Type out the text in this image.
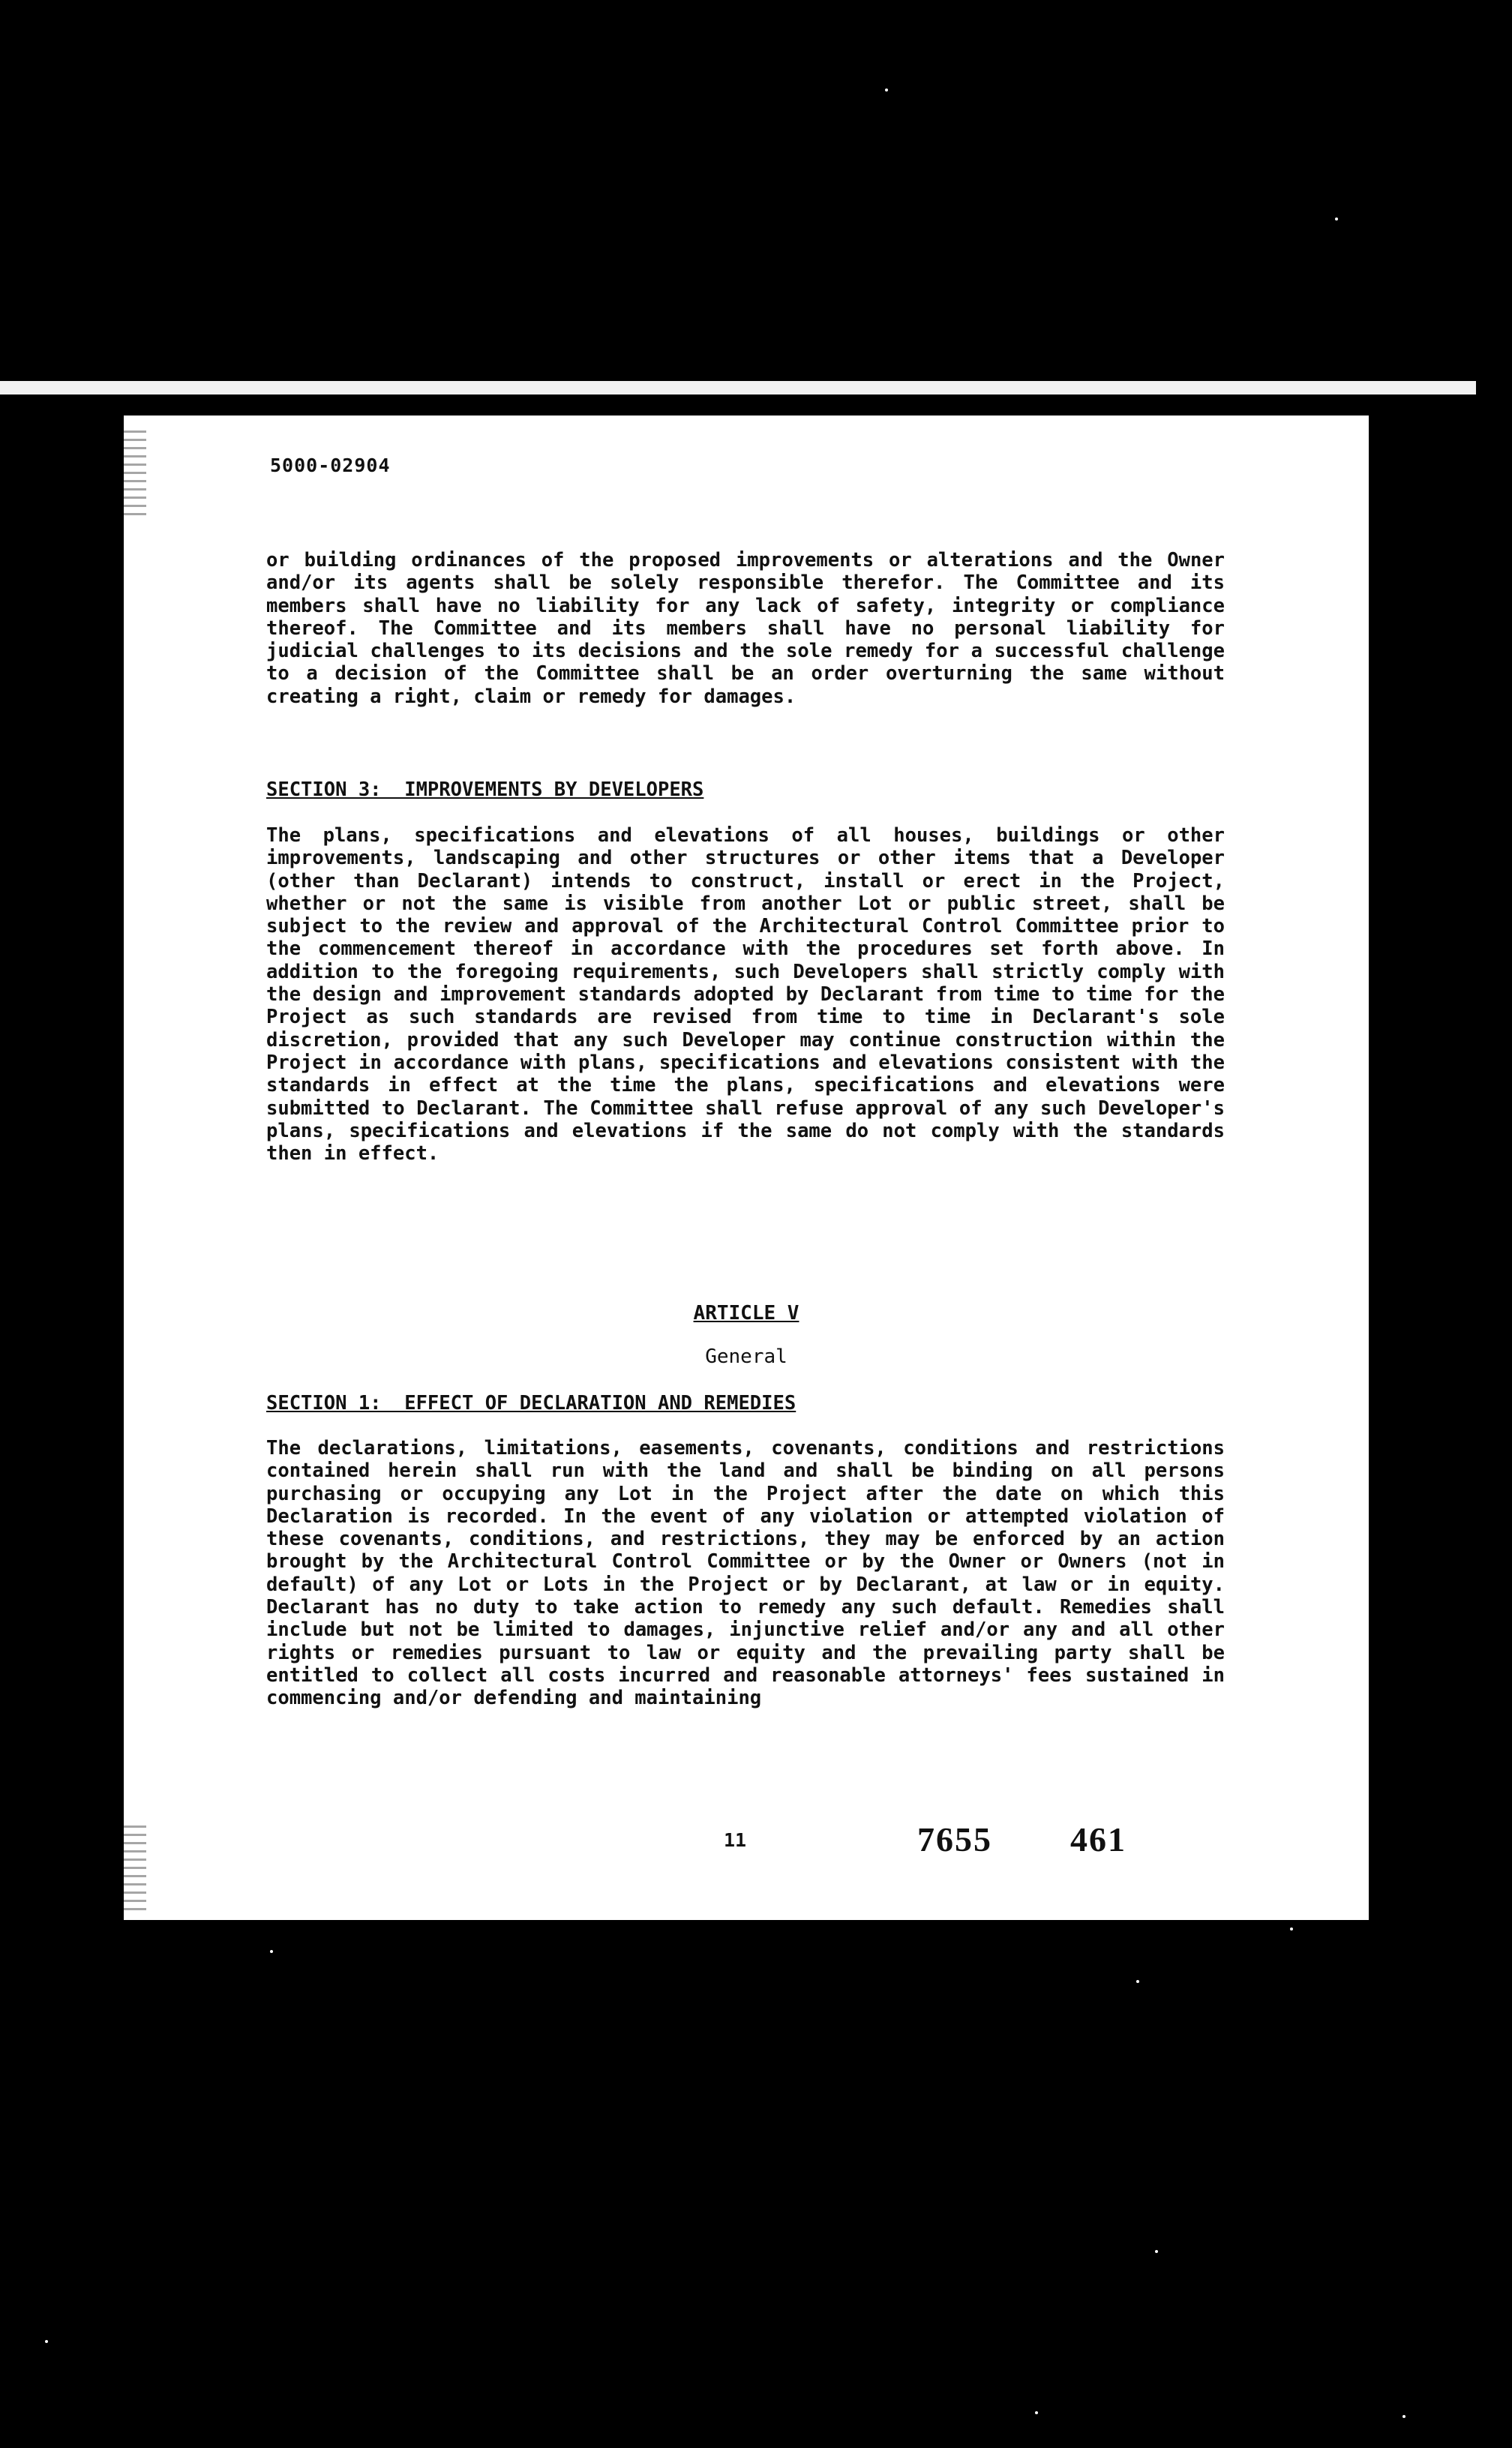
5000-02904
or building ordinances of the proposed improvements or alterations and the Owner and/or its agents shall be solely responsible therefor. The Committee and its members shall have no liability for any lack of safety, integrity or compliance thereof. The Committee and its members shall have no personal liability for judicial challenges to its decisions and the sole remedy for a successful challenge to a decision of the Committee shall be an order overturning the same without creating a right, claim or remedy for damages.
SECTION 3:  IMPROVEMENTS BY DEVELOPERS
The plans, specifications and elevations of all houses, buildings or other improvements, landscaping and other structures or other items that a Developer (other than Declarant) intends to construct, install or erect in the Project, whether or not the same is visible from another Lot or public street, shall be subject to the review and approval of the Architectural Control Committee prior to the commencement thereof in accordance with the procedures set forth above. In addition to the foregoing requirements, such Developers shall strictly comply with the design and improvement standards adopted by Declarant from time to time for the Project as such standards are revised from time to time in Declarant's sole discretion, provided that any such Developer may continue construction within the Project in accordance with plans, specifications and elevations consistent with the standards in effect at the time the plans, specifications and elevations were submitted to Declarant. The Committee shall refuse approval of any such Developer's plans, specifications and elevations if the same do not comply with the standards then in effect.
ARTICLE V
General
SECTION 1:  EFFECT OF DECLARATION AND REMEDIES
The declarations, limitations, easements, covenants, conditions and restrictions contained herein shall run with the land and shall be binding on all persons purchasing or occupying any Lot in the Project after the date on which this Declaration is recorded. In the event of any violation or attempted violation of these covenants, conditions, and restrictions, they may be enforced by an action brought by the Architectural Control Committee or by the Owner or Owners (not in default) of any Lot or Lots in the Project or by Declarant, at law or in equity. Declarant has no duty to take action to remedy any such default. Remedies shall include but not be limited to damages, injunctive relief and/or any and all other rights or remedies pursuant to law or equity and the prevailing party shall be entitled to collect all costs incurred and reasonable attorneys' fees sustained in commencing and/or defending and maintaining
11	7655 461
